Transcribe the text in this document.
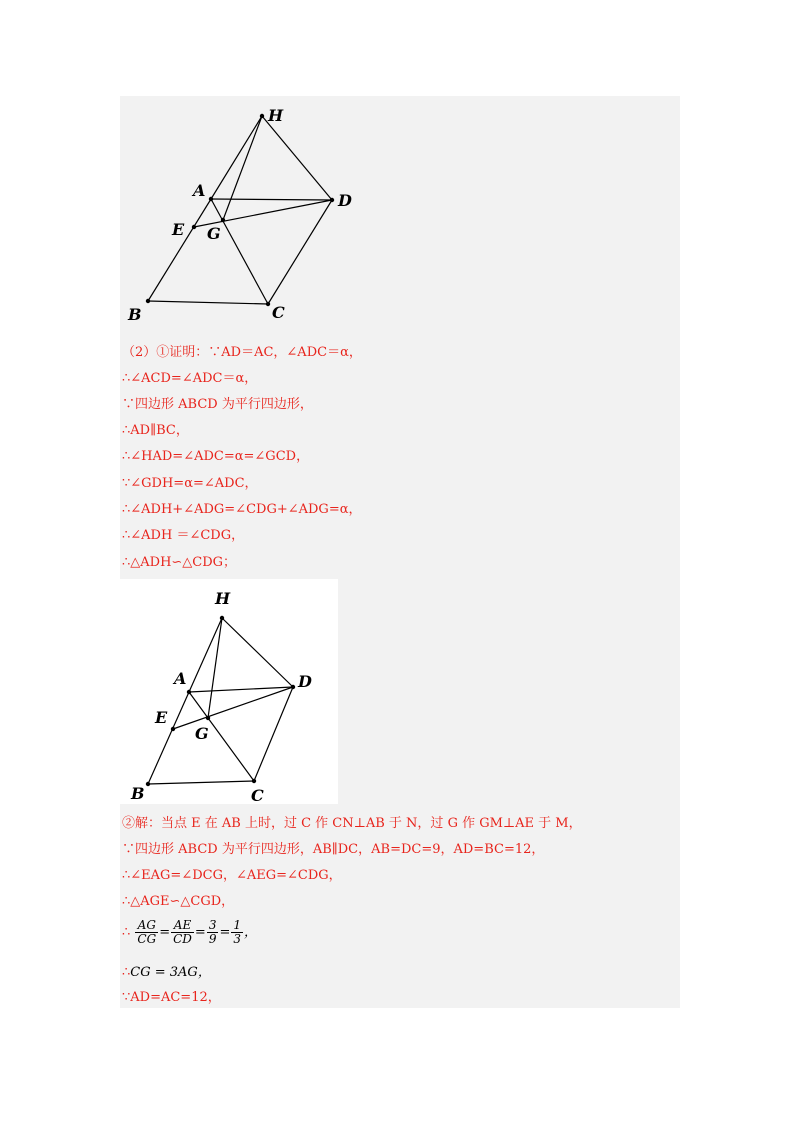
H
A
D
E G
B	C
（2）①证明：∵AD＝AC，∠ADC＝α，
∴∠ACD=∠ADC＝α，
∵四边形 ABCD 为平行四边形，
∴AD∥BC，
∴∠HAD=∠ADC=α=∠GCD，
∵∠GDH=α=∠ADC，
∴∠ADH+∠ADG=∠CDG+∠ADG=α，
∴∠ADH ＝∠CDG，
∴△ADH∽△CDG；
H
A	D
E
G
B	C
②解：当点 E 在 AB 上时，过 C 作 CN⊥AB 于 N，过 G 作 GM⊥AE 于 M，
∵四边形 ABCD 为平行四边形，AB∥DC，AB=DC=9，AD=BC=12，
∴∠EAG=∠DCG，∠AEG=∠CDG，
∴△AGE∽△CGD，
∴ $\frac{AG}{CG} = \frac{AE}{CD} = \frac{3}{9} = \frac{1}{3}$ ，
∴CG = 3AG，
∵AD=AC=12，
